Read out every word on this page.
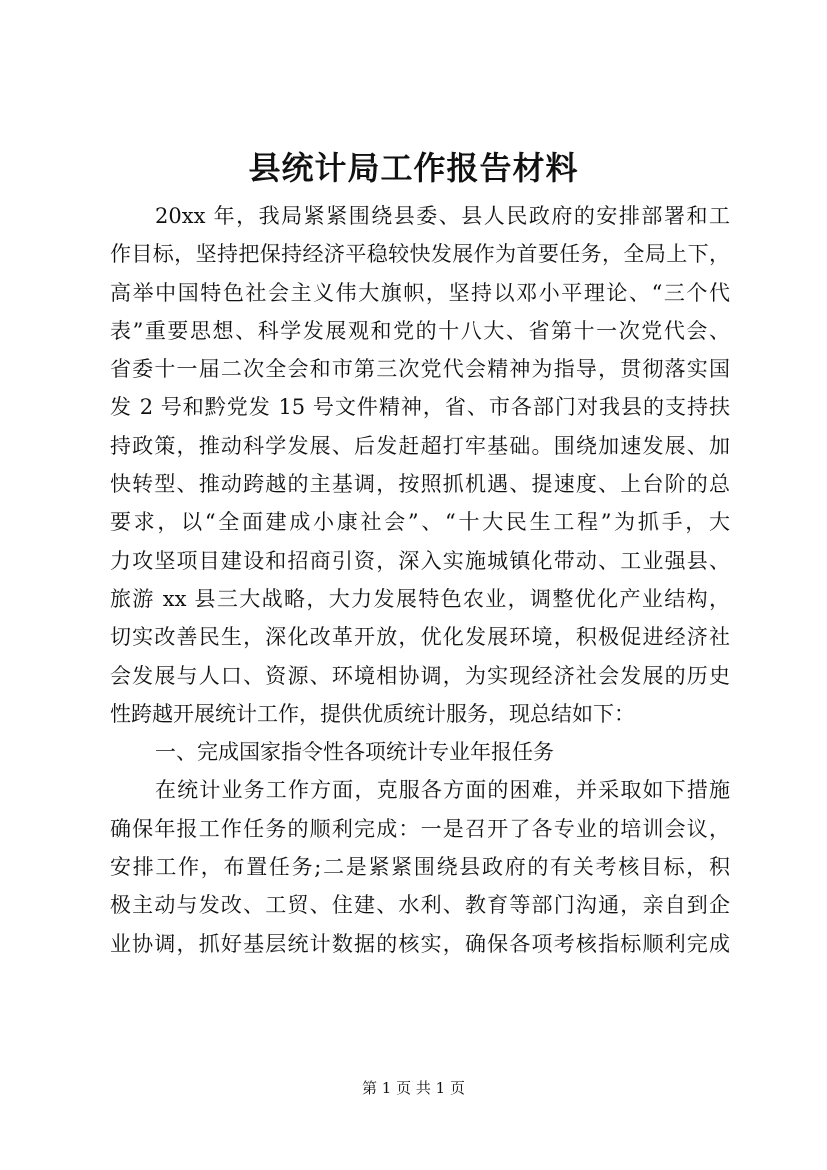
县统计局工作报告材料
20xx 年，我局紧紧围绕县委、县人民政府的安排部署和工
作目标，坚持把保持经济平稳较快发展作为首要任务，全局上下，
高举中国特色社会主义伟大旗帜，坚持以邓小平理论、“三个代
表”重要思想、科学发展观和党的十八大、省第十一次党代会、
省委十一届二次全会和市第三次党代会精神为指导，贯彻落实国
发 2 号和黔党发 15 号文件精神，省、市各部门对我县的支持扶
持政策，推动科学发展、后发赶超打牢基础。围绕加速发展、加
快转型、推动跨越的主基调，按照抓机遇、提速度、上台阶的总
要求，以“全面建成小康社会”、“十大民生工程”为抓手，大
力攻坚项目建设和招商引资，深入实施城镇化带动、工业强县、
旅游 xx 县三大战略，大力发展特色农业，调整优化产业结构，
切实改善民生，深化改革开放，优化发展环境，积极促进经济社
会发展与人口、资源、环境相协调，为实现经济社会发展的历史
性跨越开展统计工作，提供优质统计服务，现总结如下：
一、完成国家指令性各项统计专业年报任务
在统计业务工作方面，克服各方面的困难，并采取如下措施
确保年报工作任务的顺利完成：一是召开了各专业的培训会议，
安排工作，布置任务;二是紧紧围绕县政府的有关考核目标，积
极主动与发改、工贸、住建、水利、教育等部门沟通，亲自到企
业协调，抓好基层统计数据的核实，确保各项考核指标顺利完成
第 1 页 共 1 页
